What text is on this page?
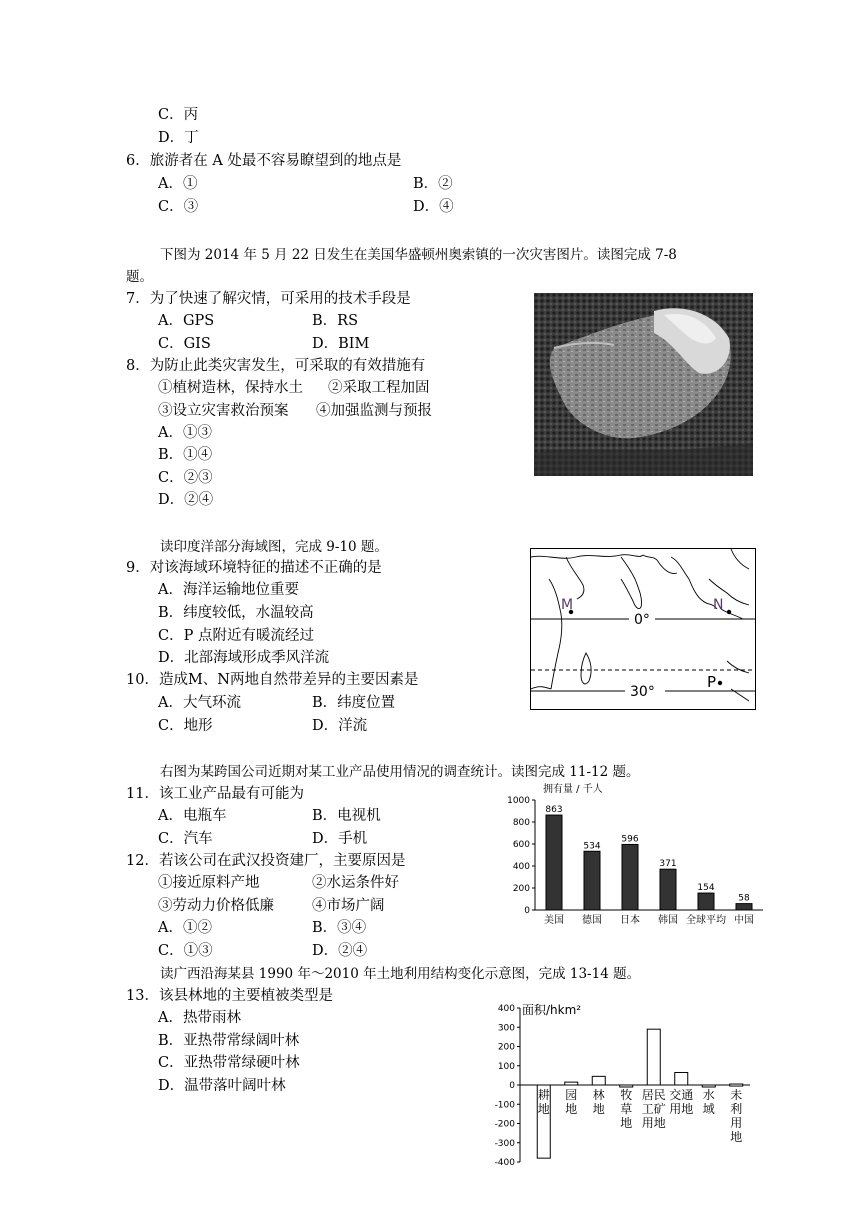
C．丙
D．丁
6．旅游者在 A 处最不容易瞭望到的地点是
A．①	B．②
C．③	D．④
下图为 2014 年 5 月 22 日发生在美国华盛顿州奥索镇的一次灾害图片。读图完成 7-8
题。
7．为了快速了解灾情，可采用的技术手段是
A．GPS	B．RS
C．GIS	D．BIM
8．为防止此类灾害发生，可采取的有效措施有
①植树造林，保持水土 ②采取工程加固
③设立灾害救治预案 ④加强监测与预报
A．①③
B．①④
C．②③
D．②④
读印度洋部分海域图，完成 9-10 题。
9．对该海域环境特征的描述不正确的是
A．海洋运输地位重要
B．纬度较低，水温较高
C．P 点附近有暖流经过
D．北部海域形成季风洋流
10．造成M、N两地自然带差异的主要因素是
A．大气环流	B．纬度位置
C．地形	D．洋流
右图为某跨国公司近期对某工业产品使用情况的调查统计。读图完成 11-12 题。
11．该工业产品最有可能为
A．电瓶车	B．电视机
C．汽车	D．手机
12．若该公司在武汉投资建厂，主要原因是
①接近原料产地	②水运条件好
③劳动力价格低廉	④市场广阔
A．①②	B．③④
C．①③	D．②④
读广西沿海某县 1990 年～2010 年土地利用结构变化示意图，完成 13-14 题。
13．该县林地的主要植被类型是
A．热带雨林
B．亚热带常绿阔叶林
C．亚热带常绿硬叶林
D．温带落叶阔叶林
0°
30°
M	N
P
拥有量 / 千人
0
200
400
600
800
1000
863
美国
534
德国
596
日本
371
韩国
154
全球平均
58
中国
面积/hkm²
400
300
200
100
0
-100
-200
-300
-400
耕地
园地
林地
牧草地
居民工矿用地
交通用地
水域
未利用地
